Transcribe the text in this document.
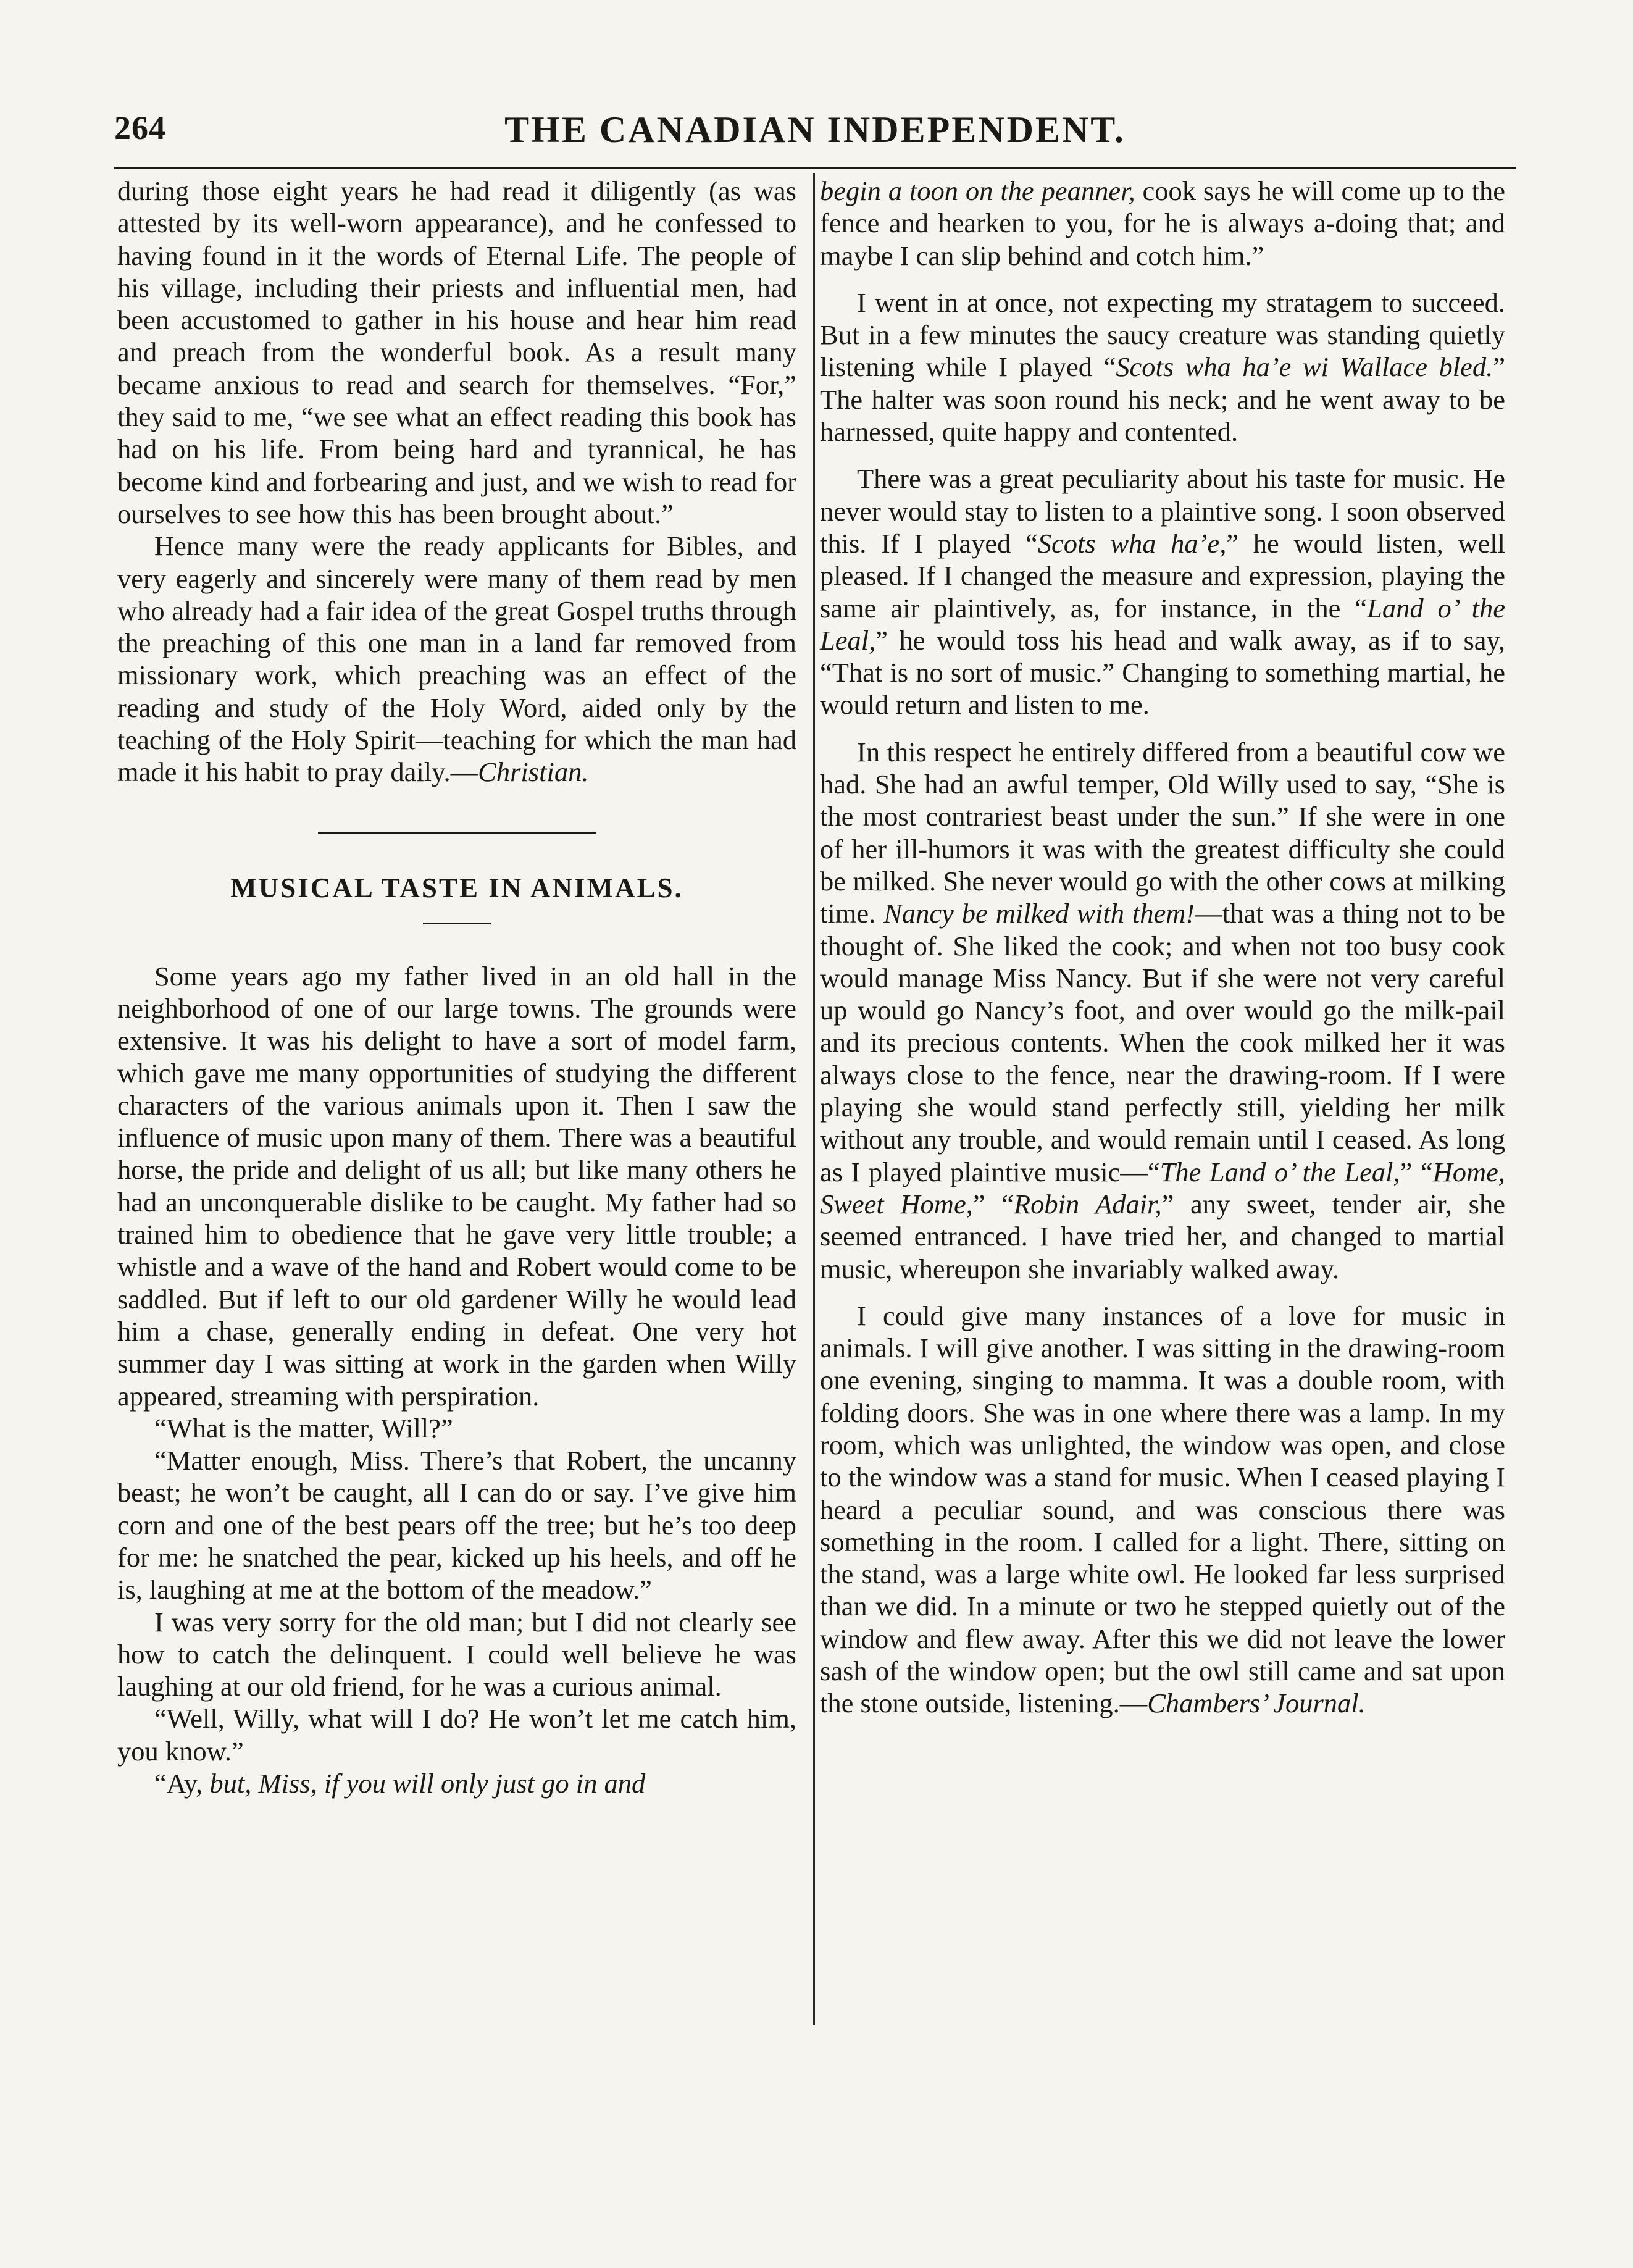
264	THE CANADIAN INDEPENDENT.

during those eight years he had read it diligently (as was attested by its well-worn appearance), and he confessed to having found in it the words of Eternal Life. The people of his village, including their priests and influential men, had been accustomed to gather in his house and hear him read and preach from the wonderful book. As a result many became anxious to read and search for themselves. “For,” they said to me, “we see what an effect reading this book has had on his life. From being hard and tyrannical, he has become kind and forbearing and just, and we wish to read for ourselves to see how this has been brought about.”

Hence many were the ready applicants for Bibles, and very eagerly and sincerely were many of them read by men who already had a fair idea of the great Gospel truths through the preaching of this one man in a land far removed from missionary work, which preaching was an effect of the reading and study of the Holy Word, aided only by the teaching of the Holy Spirit—teaching for which the man had made it his habit to pray daily.—Christian.

MUSICAL TASTE IN ANIMALS.

Some years ago my father lived in an old hall in the neighborhood of one of our large towns. The grounds were extensive. It was his delight to have a sort of model farm, which gave me many opportunities of studying the different characters of the various animals upon it. Then I saw the influence of music upon many of them. There was a beautiful horse, the pride and delight of us all; but like many others he had an unconquerable dislike to be caught. My father had so trained him to obedience that he gave very little trouble; a whistle and a wave of the hand and Robert would come to be saddled. But if left to our old gardener Willy he would lead him a chase, generally ending in defeat. One very hot summer day I was sitting at work in the garden when Willy appeared, streaming with perspiration.

“What is the matter, Will?”

“Matter enough, Miss. There’s that Robert, the uncanny beast; he won’t be caught, all I can do or say. I’ve give him corn and one of the best pears off the tree; but he’s too deep for me: he snatched the pear, kicked up his heels, and off he is, laughing at me at the bottom of the meadow.”

I was very sorry for the old man; but I did not clearly see how to catch the delinquent. I could well believe he was laughing at our old friend, for he was a curious animal.

“Well, Willy, what will I do? He won’t let me catch him, you know.”

“Ay, but, Miss, if you will only just go in and

begin a toon on the peanner, cook says he will come up to the fence and hearken to you, for he is always a-doing that; and maybe I can slip behind and cotch him.”

I went in at once, not expecting my stratagem to succeed. But in a few minutes the saucy creature was standing quietly listening while I played “Scots wha ha’e wi Wallace bled.” The halter was soon round his neck; and he went away to be harnessed, quite happy and contented.

There was a great peculiarity about his taste for music. He never would stay to listen to a plaintive song. I soon observed this. If I played “Scots wha ha’e,” he would listen, well pleased. If I changed the measure and expression, playing the same air plaintively, as, for instance, in the “Land o’ the Leal,” he would toss his head and walk away, as if to say, “That is no sort of music.” Changing to something martial, he would return and listen to me.

In this respect he entirely differed from a beautiful cow we had. She had an awful temper, Old Willy used to say, “She is the most contrariest beast under the sun.” If she were in one of her ill-humors it was with the greatest difficulty she could be milked. She never would go with the other cows at milking time. Nancy be milked with them!—that was a thing not to be thought of. She liked the cook; and when not too busy cook would manage Miss Nancy. But if she were not very careful up would go Nancy’s foot, and over would go the milk-pail and its precious contents. When the cook milked her it was always close to the fence, near the drawing-room. If I were playing she would stand perfectly still, yielding her milk without any trouble, and would remain until I ceased. As long as I played plaintive music—“The Land o’ the Leal,” “Home, Sweet Home,” “Robin Adair,” any sweet, tender air, she seemed entranced. I have tried her, and changed to martial music, whereupon she invariably walked away.

I could give many instances of a love for music in animals. I will give another. I was sitting in the drawing-room one evening, singing to mamma. It was a double room, with folding doors. She was in one where there was a lamp. In my room, which was unlighted, the window was open, and close to the window was a stand for music. When I ceased playing I heard a peculiar sound, and was conscious there was something in the room. I called for a light. There, sitting on the stand, was a large white owl. He looked far less surprised than we did. In a minute or two he stepped quietly out of the window and flew away. After this we did not leave the lower sash of the window open; but the owl still came and sat upon the stone outside, listening.—Chambers’ Journal.
